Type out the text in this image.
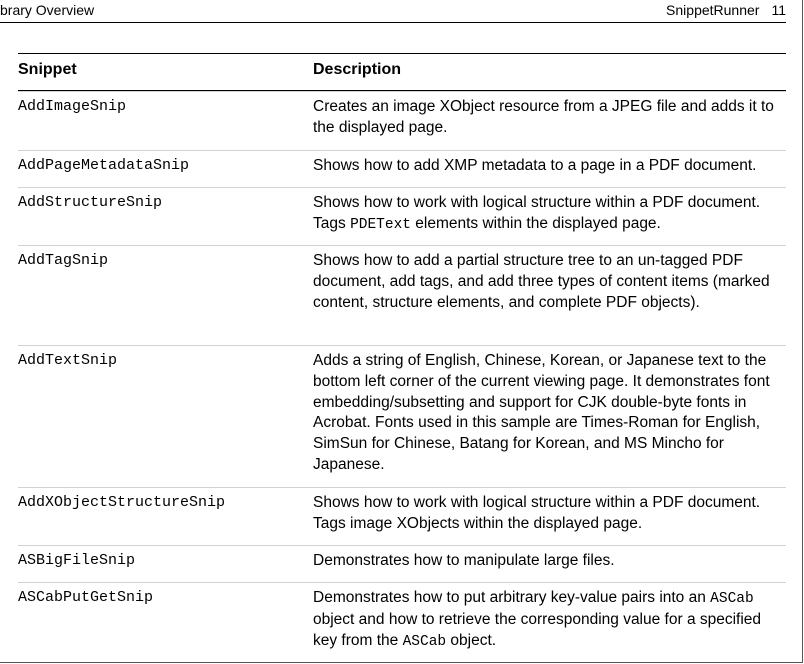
brary Overview	SnippetRunner 11
Snippet	Description
AddImageSnip	Creates an image XObject resource from a JPEG file and adds it to the displayed page.
AddPageMetadataSnip	Shows how to add XMP metadata to a page in a PDF document.
AddStructureSnip	Shows how to work with logical structure within a PDF document. Tags PDEText elements within the displayed page.
AddTagSnip	Shows how to add a partial structure tree to an un-tagged PDF document, add tags, and add three types of content items (marked content, structure elements, and complete PDF objects).
AddTextSnip	Adds a string of English, Chinese, Korean, or Japanese text to the bottom left corner of the current viewing page. It demonstrates font embedding/subsetting and support for CJK double-byte fonts in Acrobat. Fonts used in this sample are Times-Roman for English, SimSun for Chinese, Batang for Korean, and MS Mincho for Japanese.
AddXObjectStructureSnip	Shows how to work with logical structure within a PDF document. Tags image XObjects within the displayed page.
ASBigFileSnip	Demonstrates how to manipulate large files.
ASCabPutGetSnip	Demonstrates how to put arbitrary key-value pairs into an ASCab object and how to retrieve the corresponding value for a specified key from the ASCab object.
